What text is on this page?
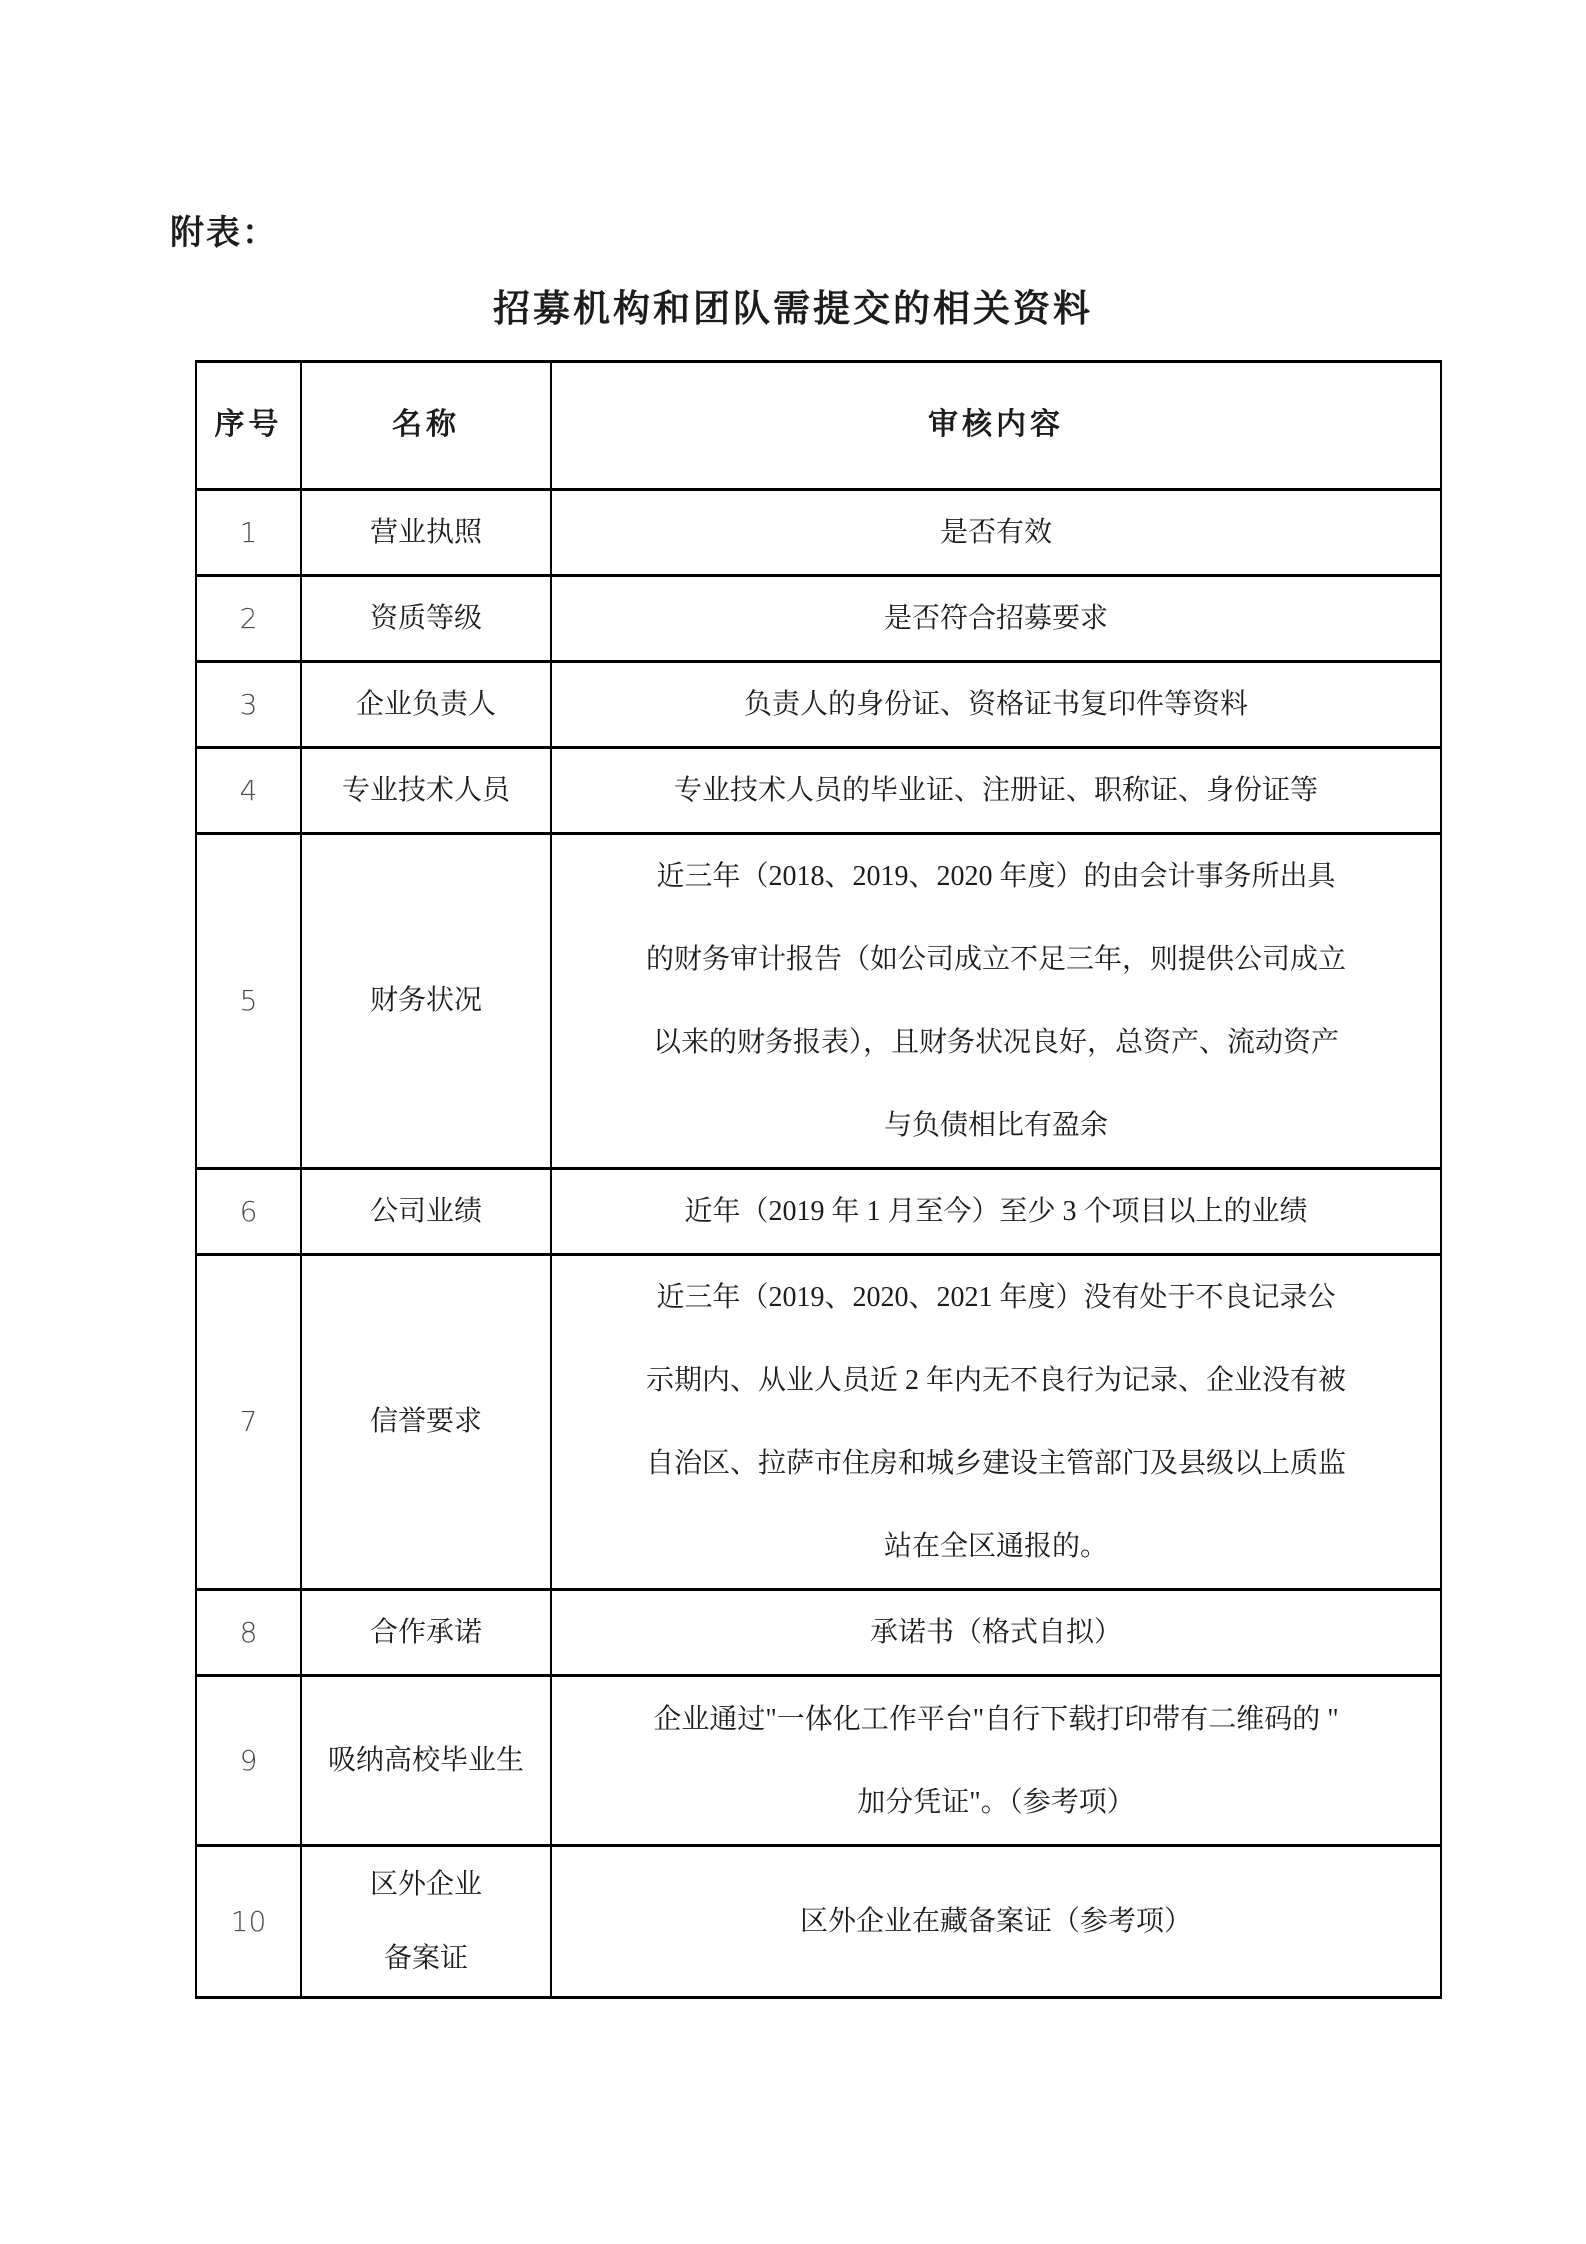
附表：
招募机构和团队需提交的相关资料
序号	名称	审核内容
1	营业执照	是否有效
2	资质等级	是否符合招募要求
3	企业负责人	负责人的身份证、资格证书复印件等资料
4	专业技术人员	专业技术人员的毕业证、注册证、职称证、身份证等
5	财务状况	近三年（2018、2019、2020 年度）的由会计事务所出具
的财务审计报告（如公司成立不足三年，则提供公司成立
以来的财务报表），且财务状况良好，总资产、流动资产
与负债相比有盈余

6	公司业绩	近年（2019 年 1 月至今）至少 3 个项目以上的业绩
7	信誉要求	近三年（2019、2020、2021 年度）没有处于不良记录公
示期内、从业人员近 2 年内无不良行为记录、企业没有被
自治区、拉萨市住房和城乡建设主管部门及县级以上质监
站在全区通报的。

8	合作承诺	承诺书（格式自拟）
9	吸纳高校毕业生	企业通过"一体化工作平台"自行下载打印带有二维码的 "
加分凭证"。（参考项）

10	区外企业
备案证	区外企业在藏备案证（参考项）
